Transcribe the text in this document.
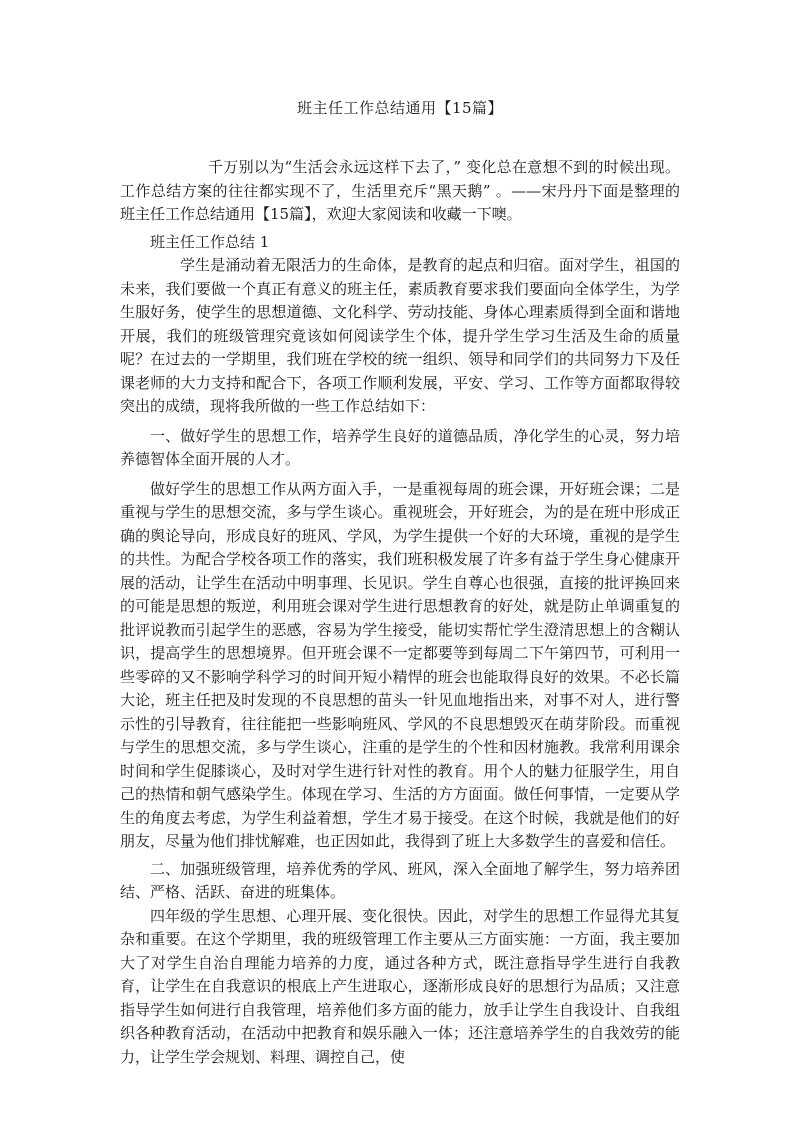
班主任工作总结通用【15篇】

千万别以为“生活会永远这样下去了，” 变化总在意想不到的时候出现。工作总结方案的往往都实现不了，生活里充斥“黑天鹅” 。——宋丹丹下面是整理的班主任工作总结通用【15篇】，欢迎大家阅读和收藏一下噢。

班主任工作总结 1

学生是涌动着无限活力的生命体，是教育的起点和归宿。面对学生，祖国的未来，我们要做一个真正有意义的班主任，素质教育要求我们要面向全体学生，为学生服好务，使学生的思想道德、文化科学、劳动技能、身体心理素质得到全面和谐地开展，我们的班级管理究竟该如何阅读学生个体，提升学生学习生活及生命的质量呢？在过去的一学期里，我们班在学校的统一组织、领导和同学们的共同努力下及任课老师的大力支持和配合下，各项工作顺利发展，平安、学习、工作等方面都取得较突出的成绩，现将我所做的一些工作总结如下：

一、做好学生的思想工作，培养学生良好的道德品质，净化学生的心灵，努力培养德智体全面开展的人才。

做好学生的思想工作从两方面入手，一是重视每周的班会课，开好班会课；二是重视与学生的思想交流，多与学生谈心。重视班会，开好班会，为的是在班中形成正确的舆论导向，形成良好的班风、学风，为学生提供一个好的大环境，重视的是学生的共性。为配合学校各项工作的落实，我们班积极发展了许多有益于学生身心健康开展的活动，让学生在活动中明事理、长见识。学生自尊心也很强，直接的批评换回来的可能是思想的叛逆，利用班会课对学生进行思想教育的好处，就是防止单调重复的批评说教而引起学生的恶感，容易为学生接受，能切实帮忙学生澄清思想上的含糊认识，提高学生的思想境界。但开班会课不一定都要等到每周二下午第四节，可利用一些零碎的又不影响学科学习的时间开短小精悍的班会也能取得良好的效果。不必长篇大论，班主任把及时发现的不良思想的苗头一针见血地指出来，对事不对人，进行警示性的引导教育，往往能把一些影响班风、学风的不良思想毁灭在萌芽阶段。而重视与学生的思想交流，多与学生谈心，注重的是学生的个性和因材施教。我常利用课余时间和学生促膝谈心，及时对学生进行针对性的教育。用个人的魅力征服学生，用自己的热情和朝气感染学生。体现在学习、生活的方方面面。做任何事情，一定要从学生的角度去考虑，为学生利益着想，学生才易于接受。在这个时候，我就是他们的好朋友，尽量为他们排忧解难，也正因如此，我得到了班上大多数学生的喜爱和信任。

二、加强班级管理，培养优秀的学风、班风，深入全面地了解学生，努力培养团结、严格、活跃、奋进的班集体。

四年级的学生思想、心理开展、变化很快。因此，对学生的思想工作显得尤其复杂和重要。在这个学期里，我的班级管理工作主要从三方面实施：一方面，我主要加大了对学生自治自理能力培养的力度，通过各种方式，既注意指导学生进行自我教育，让学生在自我意识的根底上产生进取心，逐渐形成良好的思想行为品质；又注意指导学生如何进行自我管理，培养他们多方面的能力，放手让学生自我设计、自我组织各种教育活动，在活动中把教育和娱乐融入一体；还注意培养学生的自我效劳的能力，让学生学会规划、料理、调控自己，使
